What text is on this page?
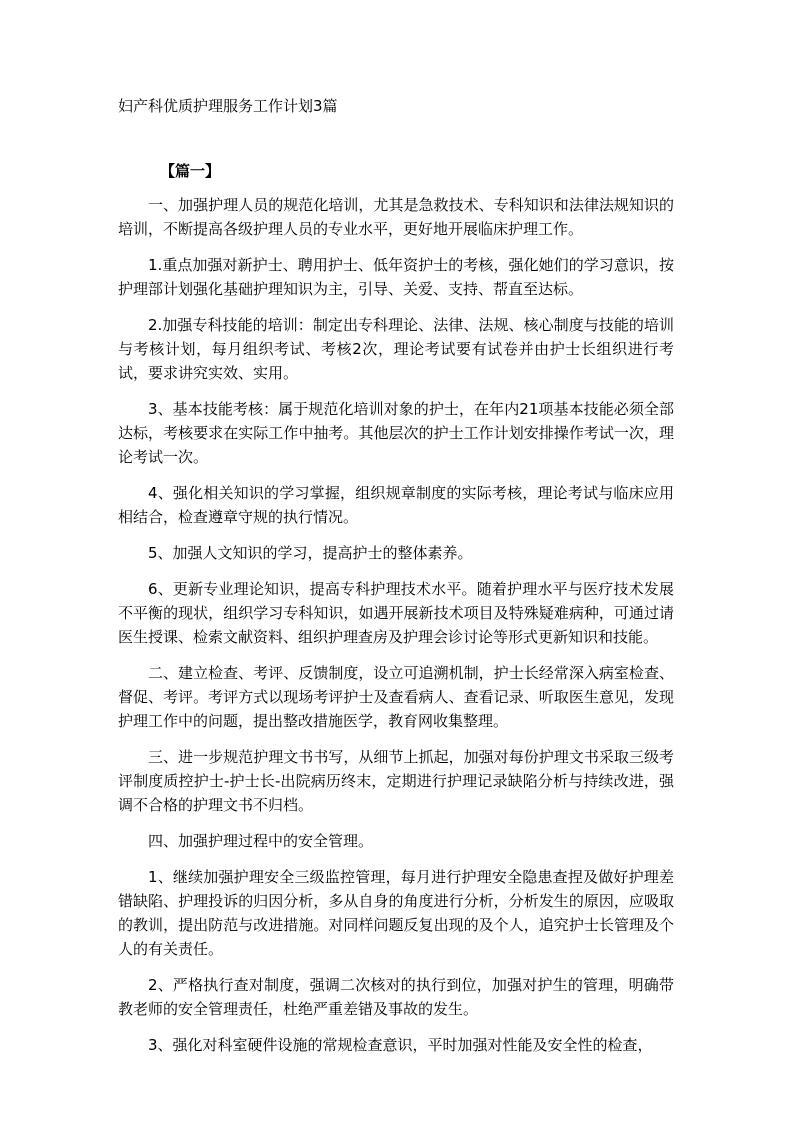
妇产科优质护理服务工作计划3篇
【篇一】

一、加强护理人员的规范化培训，尤其是急救技术、专科知识和法律法规知识的培训，不断提高各级护理人员的专业水平，更好地开展临床护理工作。

1.重点加强对新护士、聘用护士、低年资护士的考核，强化她们的学习意识，按护理部计划强化基础护理知识为主，引导、关爱、支持、帮直至达标。

2.加强专科技能的培训：制定出专科理论、法律、法规、核心制度与技能的培训与考核计划，每月组织考试、考核2次，理论考试要有试卷并由护士长组织进行考试，要求讲究实效、实用。

3、基本技能考核：属于规范化培训对象的护士，在年内21项基本技能必须全部达标，考核要求在实际工作中抽考。其他层次的护士工作计划安排操作考试一次，理论考试一次。

4、强化相关知识的学习掌握，组织规章制度的实际考核，理论考试与临床应用相结合，检查遵章守规的执行情况。

5、加强人文知识的学习，提高护士的整体素养。

6、更新专业理论知识，提高专科护理技术水平。随着护理水平与医疗技术发展不平衡的现状，组织学习专科知识，如遇开展新技术项目及特殊疑难病种，可通过请医生授课、检索文献资料、组织护理查房及护理会诊讨论等形式更新知识和技能。

二、建立检查、考评、反馈制度，设立可追溯机制，护士长经常深入病室检查、督促、考评。考评方式以现场考评护士及查看病人、查看记录、听取医生意见，发现护理工作中的问题，提出整改措施医学，教育网收集整理。

三、进一步规范护理文书书写，从细节上抓起，加强对每份护理文书采取三级考评制度质控护士-护士长-出院病历终末，定期进行护理记录缺陷分析与持续改进，强调不合格的护理文书不归档。

四、加强护理过程中的安全管理。

1、继续加强护理安全三级监控管理，每月进行护理安全隐患查捏及做好护理差错缺陷、护理投诉的归因分析，多从自身的角度进行分析，分析发生的原因，应吸取的教训，提出防范与改进措施。对同样问题反复出现的及个人，追究护士长管理及个人的有关责任。

2、严格执行查对制度，强调二次核对的执行到位，加强对护生的管理，明确带教老师的安全管理责任，杜绝严重差错及事故的发生。

3、强化对科室硬件设施的常规检查意识，平时加强对性能及安全性的检查，
